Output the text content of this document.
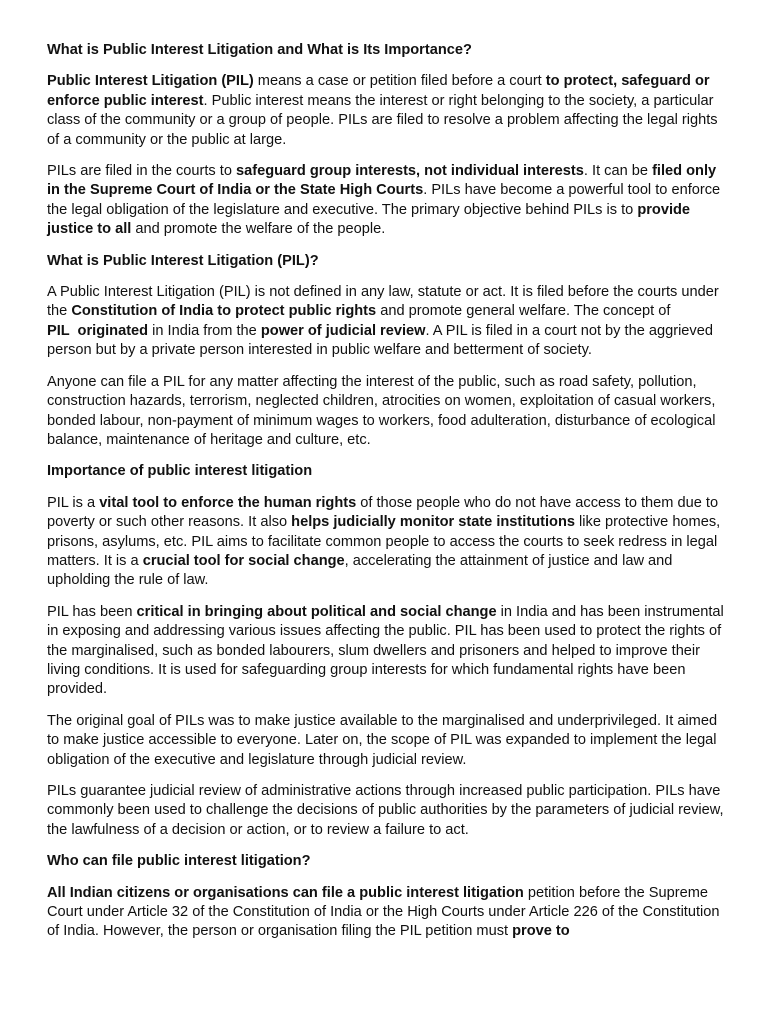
What is Public Interest Litigation and What is Its Importance?

Public Interest Litigation (PIL) means a case or petition filed before a court to protect, safeguard or enforce public interest. Public interest means the interest or right belonging to the society, a particular class of the community or a group of people. PILs are filed to resolve a problem affecting the legal rights of a community or the public at large.

PILs are filed in the courts to safeguard group interests, not individual interests. It can be filed only in the Supreme Court of India or the State High Courts. PILs have become a powerful tool to enforce the legal obligation of the legislature and executive. The primary objective behind PILs is to provide justice to all and promote the welfare of the people.

What is Public Interest Litigation (PIL)?

A Public Interest Litigation (PIL) is not defined in any law, statute or act. It is filed before the courts under the Constitution of India to protect public rights and promote general welfare. The concept of PIL  originated in India from the power of judicial review. A PIL is filed in a court not by the aggrieved person but by a private person interested in public welfare and betterment of society.

Anyone can file a PIL for any matter affecting the interest of the public, such as road safety, pollution, construction hazards, terrorism, neglected children, atrocities on women, exploitation of casual workers, bonded labour, non-payment of minimum wages to workers, food adulteration, disturbance of ecological balance, maintenance of heritage and culture, etc.

Importance of public interest litigation

PIL is a vital tool to enforce the human rights of those people who do not have access to them due to poverty or such other reasons. It also helps judicially monitor state institutions like protective homes, prisons, asylums, etc. PIL aims to facilitate common people to access the courts to seek redress in legal matters. It is a crucial tool for social change, accelerating the attainment of justice and law and upholding the rule of law.

PIL has been critical in bringing about political and social change in India and has been instrumental in exposing and addressing various issues affecting the public. PIL has been used to protect the rights of the marginalised, such as bonded labourers, slum dwellers and prisoners and helped to improve their living conditions. It is used for safeguarding group interests for which fundamental rights have been provided.

The original goal of PILs was to make justice available to the marginalised and underprivileged. It aimed to make justice accessible to everyone. Later on, the scope of PIL was expanded to implement the legal obligation of the executive and legislature through judicial review.

PILs guarantee judicial review of administrative actions through increased public participation. PILs have commonly been used to challenge the decisions of public authorities by the parameters of judicial review, the lawfulness of a decision or action, or to review a failure to act.

Who can file public interest litigation?

All Indian citizens or organisations can file a public interest litigation petition before the Supreme Court under Article 32 of the Constitution of India or the High Courts under Article 226 of the Constitution of India. However, the person or organisation filing the PIL petition must prove to
